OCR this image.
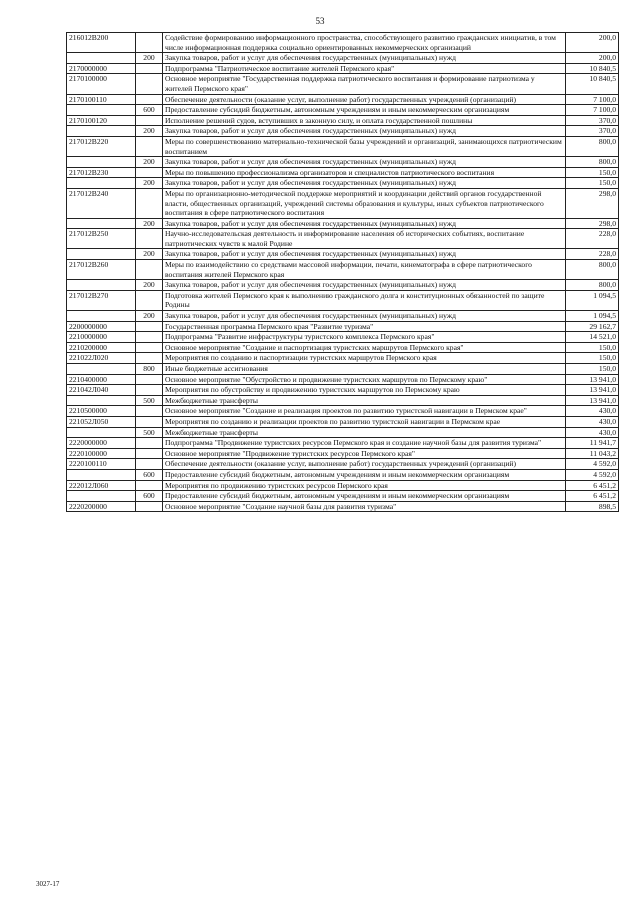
53
216012В200		Содействие формированию информационного пространства, способствующего развитию гражданских инициатив, в том числе информационная поддержка социально ориентированных некоммерческих организаций	200,0
	200	Закупка товаров, работ и услуг для обеспечения государственных (муниципальных) нужд	200,0
2170000000		Подпрограмма "Патриотическое воспитание жителей Пермского края"	10 840,5
2170100000		Основное мероприятие "Государственная поддержка патриотического воспитания и формирование патриотизма у жителей Пермского края"	10 840,5
2170100110		Обеспечение деятельности (оказание услуг, выполнение работ) государственных учреждений (организаций)	7 100,0
	600	Предоставление субсидий бюджетным, автономным учреждениям и иным некоммерческим организациям	7 100,0
2170100120		Исполнение решений судов, вступивших в законную силу, и оплата государственной пошлины	370,0
	200	Закупка товаров, работ и услуг для обеспечения государственных (муниципальных) нужд	370,0
217012В220		Меры по совершенствованию материально-технической базы учреждений и организаций, занимающихся патриотическим воспитанием	800,0
	200	Закупка товаров, работ и услуг для обеспечения государственных (муниципальных) нужд	800,0
217012В230		Меры по повышению профессионализма организаторов и специалистов патриотического воспитания	150,0
	200	Закупка товаров, работ и услуг для обеспечения государственных (муниципальных) нужд	150,0
217012В240		Меры по организационно-методической поддержке мероприятий и координации действий органов государственной власти, общественных организаций, учреждений системы образования и культуры, иных субъектов патриотического воспитания в сфере патриотического воспитания	298,0
	200	Закупка товаров, работ и услуг для обеспечения государственных (муниципальных) нужд	298,0
217012В250		Научно-исследовательская деятельность и информирование населения об исторических событиях, воспитание патриотических чувств к малой Родине	228,0
	200	Закупка товаров, работ и услуг для обеспечения государственных (муниципальных) нужд	228,0
217012В260		Меры по взаимодействию со средствами массовой информации, печати, кинематографа в сфере патриотического воспитания жителей Пермского края	800,0
	200	Закупка товаров, работ и услуг для обеспечения государственных (муниципальных) нужд	800,0
217012В270		Подготовка жителей Пермского края к выполнению гражданского долга и конституционных обязанностей по защите Родины	1 094,5
	200	Закупка товаров, работ и услуг для обеспечения государственных (муниципальных) нужд	1 094,5
2200000000		Государственная программа Пермского края "Развитие туризма"	29 162,7
2210000000		Подпрограмма "Развитие инфраструктуры туристского комплекса Пермского края"	14 521,0
2210200000		Основное мероприятие "Создание и паспортизация туристских маршрутов Пермского края"	150,0
221022Л020		Мероприятия по созданию и паспортизации туристских маршрутов Пермского края	150,0
	800	Иные бюджетные ассигнования	150,0
2210400000		Основное мероприятие "Обустройство и продвижение туристских маршрутов по Пермскому краю"	13 941,0
221042Л040		Мероприятия по обустройству и продвижению туристских маршрутов по Пермскому краю	13 941,0
	500	Межбюджетные трансферты	13 941,0
2210500000		Основное мероприятие "Создание и реализация проектов по развитию туристской навигации в Пермском крае"	430,0
221052Л050		Мероприятия по созданию и реализации проектов по развитию туристской навигации в Пермском крае	430,0
	500	Межбюджетные трансферты	430,0
2220000000		Подпрограмма "Продвижение туристских ресурсов Пермского края и создание научной базы для развития туризма"	11 941,7
2220100000		Основное мероприятие "Продвижение туристских ресурсов Пермского края"	11 043,2
2220100110		Обеспечение деятельности (оказание услуг, выполнение работ) государственных учреждений (организаций)	4 592,0
	600	Предоставление субсидий бюджетным, автономным учреждениям и иным некоммерческим организациям	4 592,0
222012Л060		Мероприятия по продвижению туристских ресурсов Пермского края	6 451,2
	600	Предоставление субсидий бюджетным, автономным учреждениям и иным некоммерческим организациям	6 451,2
2220200000		Основное мероприятие "Создание научной базы для развития туризма"	898,5
3027-17
